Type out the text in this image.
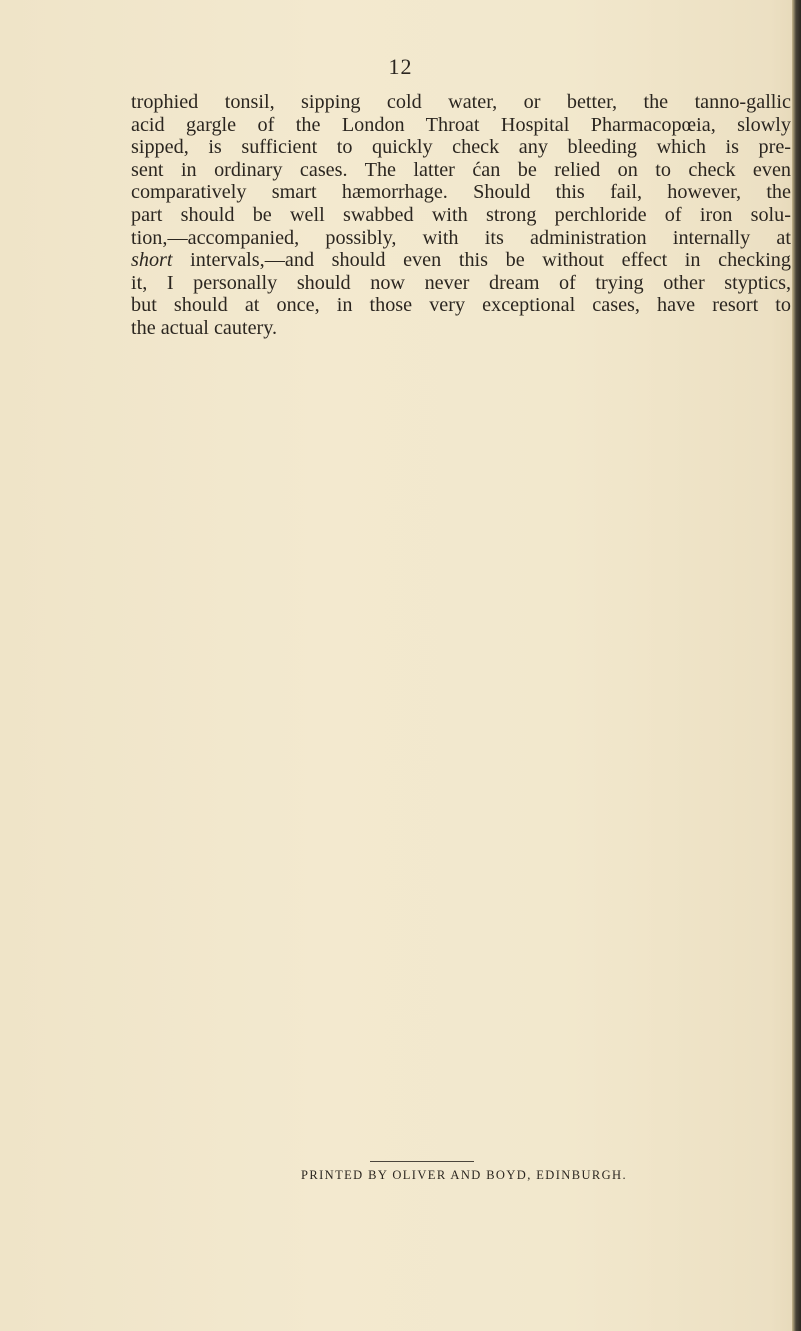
12
trophied tonsil, sipping cold water, or better, the tanno-gallic
acid gargle of the London Throat Hospital Pharmacopœia, slowly
sipped, is sufficient to quickly check any bleeding which is pre-
sent in ordinary cases. The latter ćan be relied on to check even
comparatively smart hæmorrhage. Should this fail, however, the
part should be well swabbed with strong perchloride of iron solu-
tion,—accompanied, possibly, with its administration internally at
short intervals,—and should even this be without effect in checking
it, I personally should now never dream of trying other styptics,
but should at once, in those very exceptional cases, have resort to
the actual cautery.
PRINTED BY OLIVER AND BOYD, EDINBURGH.
